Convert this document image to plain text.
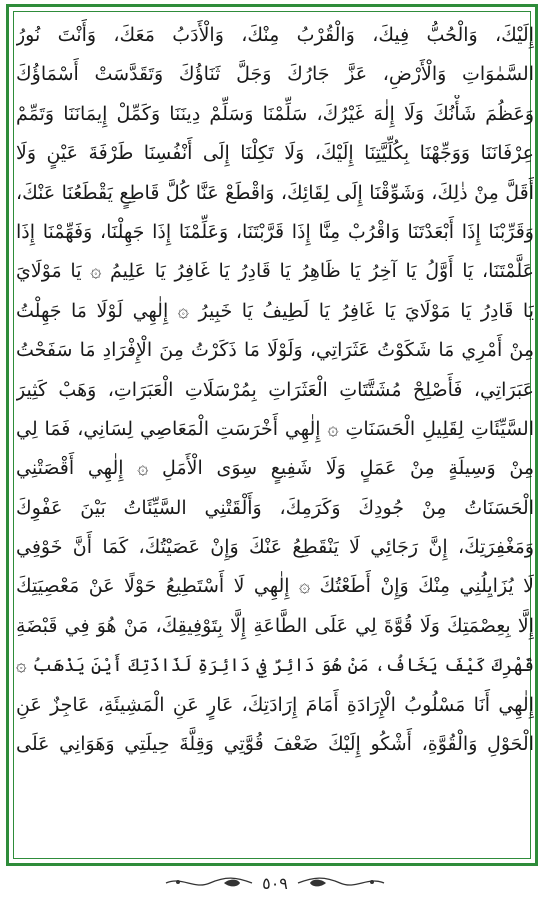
إِلَيْكَ، وَالْحُبُّ فِيكَ، وَالْقُرْبُ مِنْكَ، وَالْأَدَبُ مَعَكَ، وَأَنْتَ نُورُ
السَّمٰوَاتِ وَالْأَرْضِ، عَزَّ جَارُكَ وَجَلَّ ثَنَاؤُكَ وَتَقَدَّسَتْ أَسْمَاؤُكَ
وَعَظُمَ شَأْنُكَ وَلَا إِلٰهَ غَيْرُكَ، سَلِّمْنَا وَسَلِّمْ دِينَنَا وَكَمِّلْ إِيمَانَنَا وَتَمِّمْ
عِرْفَانَنَا وَوَجِّهْنَا بِكُلِّيَّتِنَا إِلَيْكَ، وَلَا تَكِلْنَا إِلَى أَنْفُسِنَا طَرْفَةَ عَيْنٍ وَلَا
أَقَلَّ مِنْ ذٰلِكَ، وَشَوِّقْنَا إِلَى لِقَائِكَ، وَاقْطَعْ عَنَّا كُلَّ قَاطِعٍ يَقْطَعُنَا عَنْكَ،
وَقَرِّبْنَا إِذَا أَبْعَدْتَنَا وَاقْرُبْ مِنَّا إِذَا قَرَّبْتَنَا، وَعَلِّمْنَا إِذَا جَهِلْنَا، وَفَهِّمْنَا إِذَا
عَلَّمْتَنَا، يَا أَوَّلُ يَا آخِرُ يَا ظَاهِرُ يَا قَادِرُ يَا غَافِرُ يَا عَلِيمُ ۞ يَا مَوْلَايَ
يَا قَادِرُ يَا مَوْلَايَ يَا غَافِرُ يَا لَطِيفُ يَا خَبِيرُ ۞ إِلٰهِي لَوْلَا مَا جَهِلْتُ
مِنْ أَمْرِي مَا شَكَوْتُ عَثَرَاتِي، وَلَوْلَا مَا ذَكَرْتُ مِنَ الْإِفْرَادِ مَا سَفَحْتُ
عَبَرَاتِي، فَأَصْلِحْ مُشَتَّتَاتِ الْعَثَرَاتِ بِمُرْسَلَاتِ الْعَبَرَاتِ، وَهَبْ كَثِيرَ
السَّيِّئَاتِ لِقَلِيلِ الْحَسَنَاتِ ۞ إِلٰهِي أَخْرَسَتِ الْمَعَاصِي لِسَانِي، فَمَا لِي
مِنْ وَسِيلَةٍ مِنْ عَمَلٍ وَلَا شَفِيعٍ سِوَى الْأَمَلِ ۞ إِلٰهِي أَقْصَتْنِي
الْحَسَنَاتُ مِنْ جُودِكَ وَكَرَمِكَ، وَأَلْقَتْنِي السَّيِّئَاتُ بَيْنَ عَفْوِكَ
وَمَغْفِرَتِكَ، إِنَّ رَجَائِي لَا يَنْقَطِعُ عَنْكَ وَإِنْ عَصَيْتُكَ، كَمَا أَنَّ خَوْفِي
لَا يُزَايِلُنِي مِنْكَ وَإِنْ أَطَعْتُكَ ۞ إِلٰهِي لَا أَسْتَطِيعُ حَوْلًا عَنْ مَعْصِيَتِكَ
إِلَّا بِعِصْمَتِكَ وَلَا قُوَّةَ لِي عَلَى الطَّاعَةِ إِلَّا بِتَوْفِيقِكَ، مَنْ هُوَ فِي قَبْضَةِ
قَهْرِكَ كَيْفَ يَخَافُ، مَنْ هُوَ دَائِرٌ فِي دَائِرَةِ لَذَاذَتِكَ أَيْنَ يَذْهَبُ ۞
إِلٰهِي أَنَا مَسْلُوبُ الْإِرَادَةِ أَمَامَ إِرَادَتِكَ، عَارٍ عَنِ الْمَشِيئَةِ، عَاجِزٌ عَنِ
الْحَوْلِ وَالْقُوَّةِ، أَشْكُو إِلَيْكَ ضَعْفَ قُوَّتِي وَقِلَّةَ حِيلَتِي وَهَوَانِي عَلَى
٥٠٩
